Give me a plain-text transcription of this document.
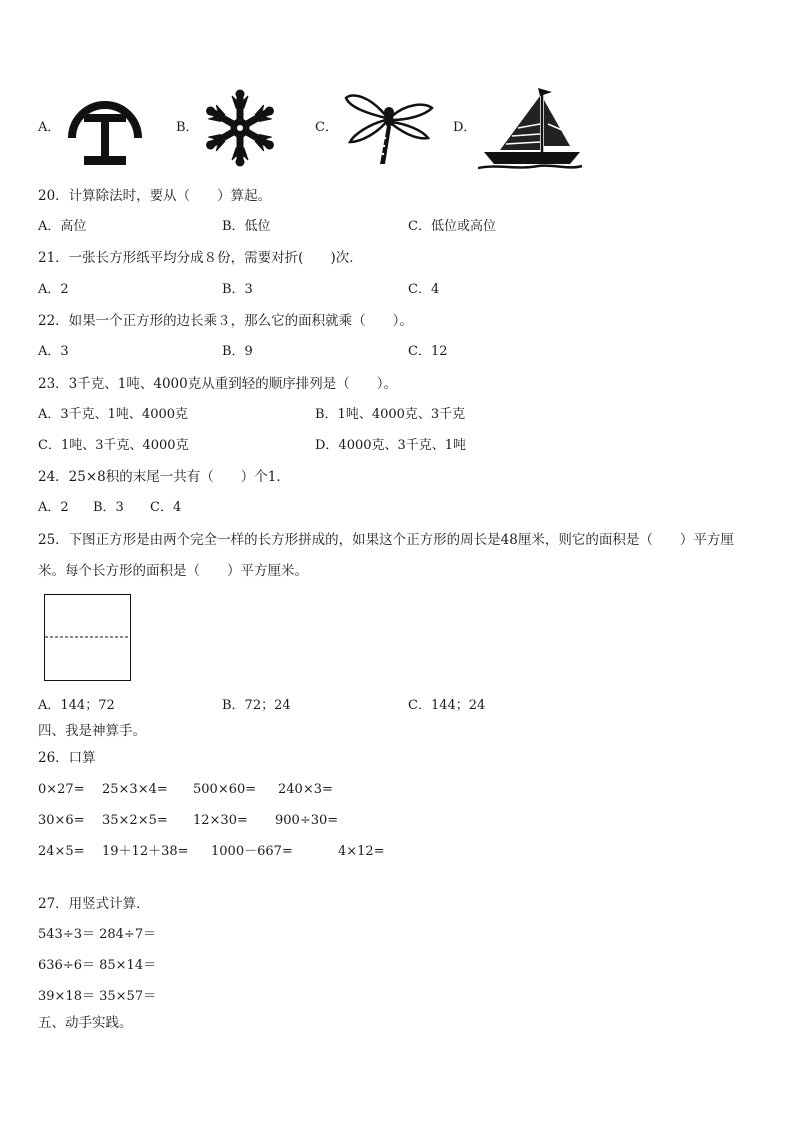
A．	B．	C．	D．
20．计算除法时，要从（　　）算起。
A．高位	B．低位	C．低位或高位
21．一张长方形纸平均分成８份，需要对折(　　)次．
A．2	B．3	C．4
22．如果一个正方形的边长乘３，那么它的面积就乘（　　）。
A．3	B．9	C．12
23．3千克、1吨、4000克从重到轻的顺序排列是（　　）。
A．3千克、1吨、4000克	B．1吨、4000克、3千克
C．1吨、3千克、4000克	D．4000克、3千克、1吨
24．25×8积的末尾一共有（　　）个1．
A．2 B．3 C．4
25．下图正方形是由两个完全一样的长方形拼成的，如果这个正方形的周长是48厘米，则它的面积是（　　）平方厘
米。每个长方形的面积是（　　）平方厘米。
A．144；72	B．72；24	C．144；24
四、我是神算手。
26．口算
0×27= 25×3×4= 500×60= 240×3=
30×6= 35×2×5= 12×30= 900÷30=
24×5= 19＋12＋38= 1000－667=	4×12=
27．用竖式计算．
543÷3＝ 284÷7＝
636÷6＝ 85×14＝
39×18＝ 35×57＝
五、动手实践。
